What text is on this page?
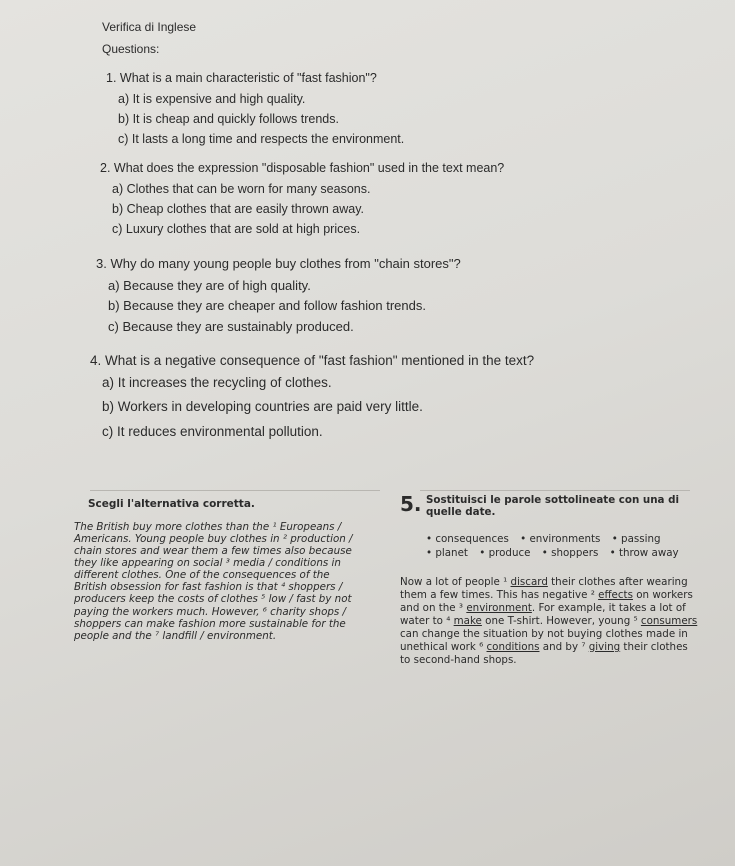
Verifica di Inglese
Questions:
1. What is a main characteristic of "fast fashion"?
a) It is expensive and high quality.
b) It is cheap and quickly follows trends.
c) It lasts a long time and respects the environment.
2. What does the expression "disposable fashion" used in the text mean?
a) Clothes that can be worn for many seasons.
b) Cheap clothes that are easily thrown away.
c) Luxury clothes that are sold at high prices.
3. Why do many young people buy clothes from "chain stores"?
a) Because they are of high quality.
b) Because they are cheaper and follow fashion trends.
c) Because they are sustainably produced.
4. What is a negative consequence of "fast fashion" mentioned in the text?
a) It increases the recycling of clothes.
b) Workers in developing countries are paid very little.
c) It reduces environmental pollution.
Scegli l'alternativa corretta.
The British buy more clothes than the ¹ Europeans /
Americans. Young people buy clothes in ² production /
chain stores and wear them a few times also because
they like appearing on social ³ media / conditions in
different clothes. One of the consequences of the
British obsession for fast fashion is that ⁴ shoppers /
producers keep the costs of clothes ⁵ low / fast by not
paying the workers much. However, ⁶ charity shops /
shoppers can make fashion more sustainable for the
people and the ⁷ landfill / environment.
5. Sostituisci le parole sottolineate con una di quelle date.
• consequences • environments • passing
• planet • produce • shoppers • throw away
Now a lot of people ¹ discard their clothes after wearing them a few times. This has negative ² effects on workers and on the ³ environment. For example, it takes a lot of water to ⁴ make one T-shirt. However, young ⁵ consumers can change the situation by not buying clothes made in unethical work ⁶ conditions and by ⁷ giving their clothes to second-hand shops.
